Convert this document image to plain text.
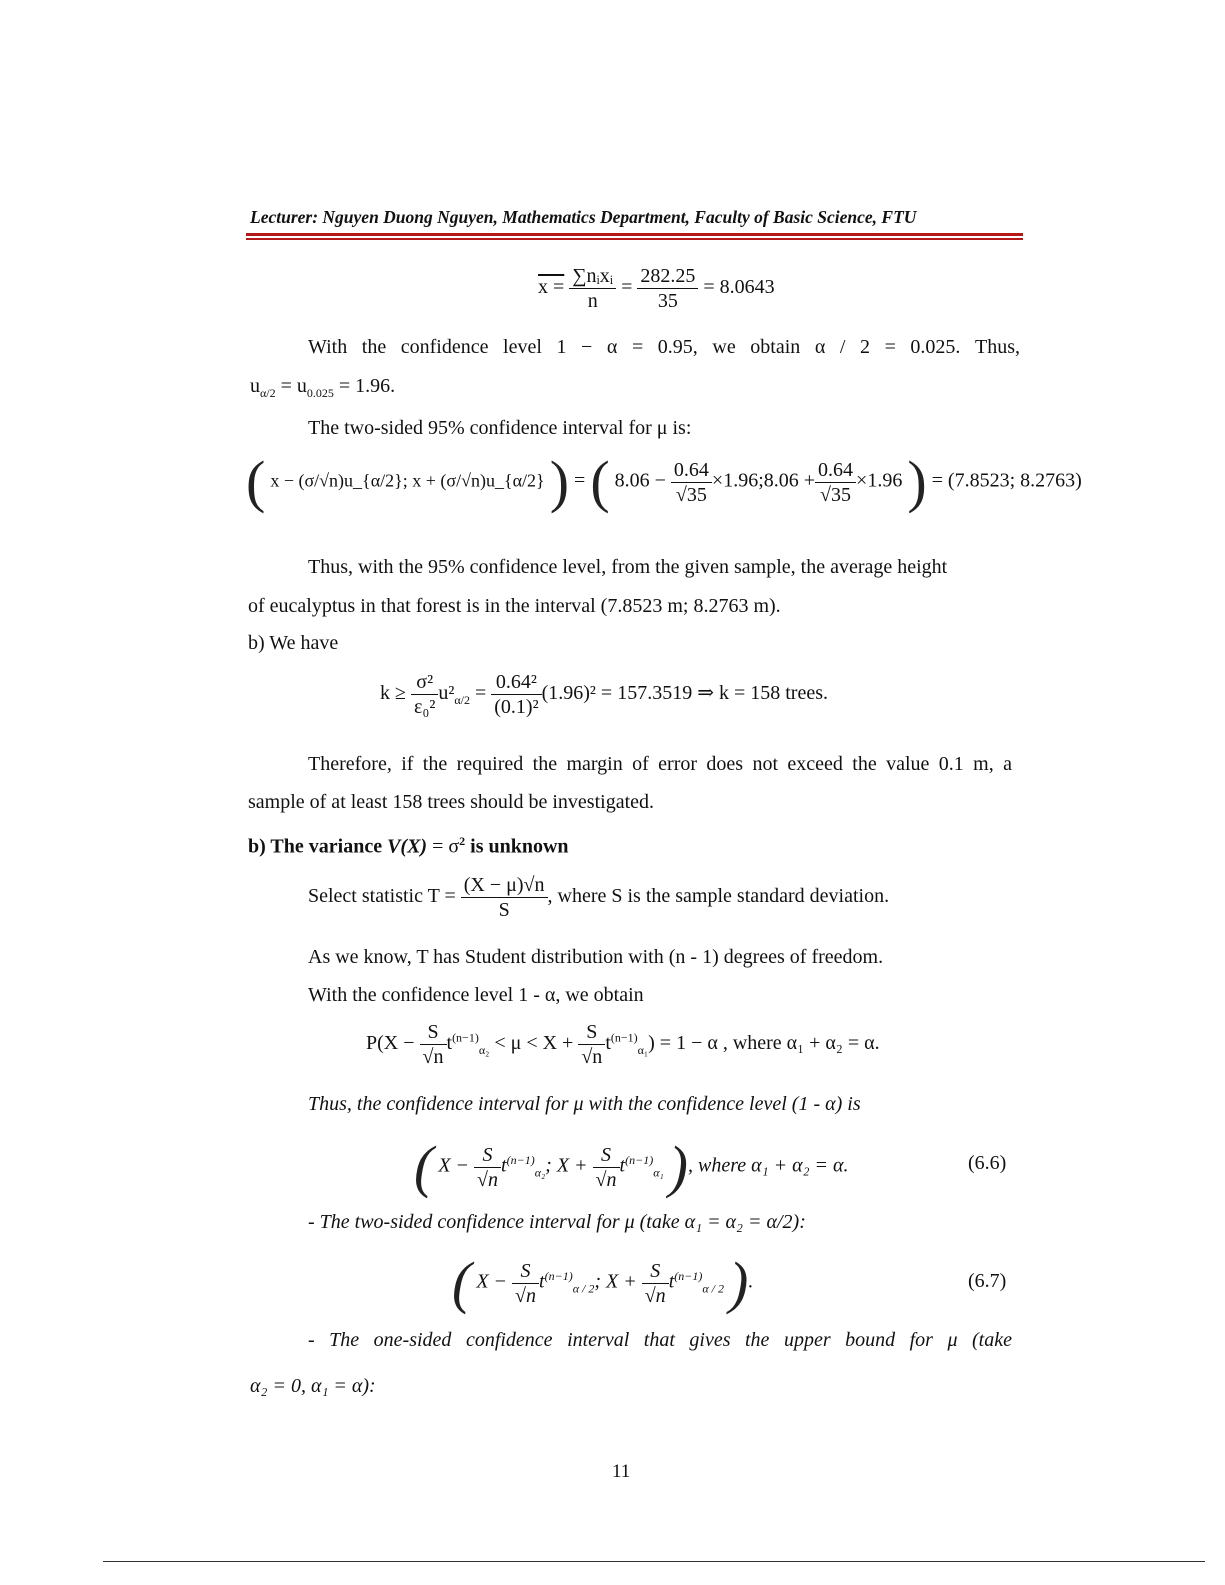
Lecturer: Nguyen Duong Nguyen, Mathematics Department, Faculty of Basic Science, FTU
$x = \frac{\text{∑nᵢxᵢ}}{n} = \frac{282.25}{35} = 8.0643$
With the confidence level 1 − α = 0.95, we obtain α / 2 = 0.025. Thus,
$u_{\alpha/2} = u_{0.025} = 1.96$.
The two-sided 95% confidence interval for μ is:
( x − (σ/√n)u_{α/2}; x + (σ/√n)u_{α/2} ) = ( $8.06 - \frac{0.64}{√35}$ ×1.96;8.06 + $\frac{0.64}{√35} \times 1.96$ ) = (7.8523; 8.2763)
Thus, with the 95% confidence level, from the given sample, the average height
of eucalyptus in that forest is in the interval (7.8523 m; 8.2763 m).
b) We have
$k \ge \frac{\text{σ²}}{\text{ε₀²}} u^2_{\alpha/2} = \frac{\text{0.64²}}{\text{(0.1)²}} (1.96)^2 = 157.3519$ ⇒ k = 158 trees.
Therefore, if the required the margin of error does not exceed the value 0.1 m, a
sample of at least 158 trees should be investigated.
b) The variance $V(X) = \sigma^2$ is unknown
Select statistic $T = \frac{(X - \mu)√n}{S}$ , where S is the sample standard deviation.
As we know, T has Student distribution with (n - 1) degrees of freedom.
With the confidence level 1 - α, we obtain
$P(X - \frac{S}{√n} t^{(n-1)}_{\alpha_2} < \mu < X + \frac{S}{√n} t^{(n-1)}_{\alpha_1}) = 1 - \alpha$ , where α₁ + α₂ = α.
Thus, the confidence interval for μ with the confidence level (1 - α) is
( $X - \frac{S}{√n} t^{(n-1)}_{\alpha_2}$; $X + \frac{S}{√n} t^{(n-1)}_{\alpha_1}$ ), where α₁ + α₂ = α.	(6.6)
- The two-sided confidence interval for μ (take α₁ = α₂ = α/2):
( $X - \frac{S}{√n} t^{(n-1)}_{\alpha / 2}$; $X + \frac{S}{√n} t^{(n-1)}_{\alpha / 2}$ ).	(6.7)
- The one-sided confidence interval that gives the upper bound for μ (take
α₂ = 0, α₁ = α):
11
